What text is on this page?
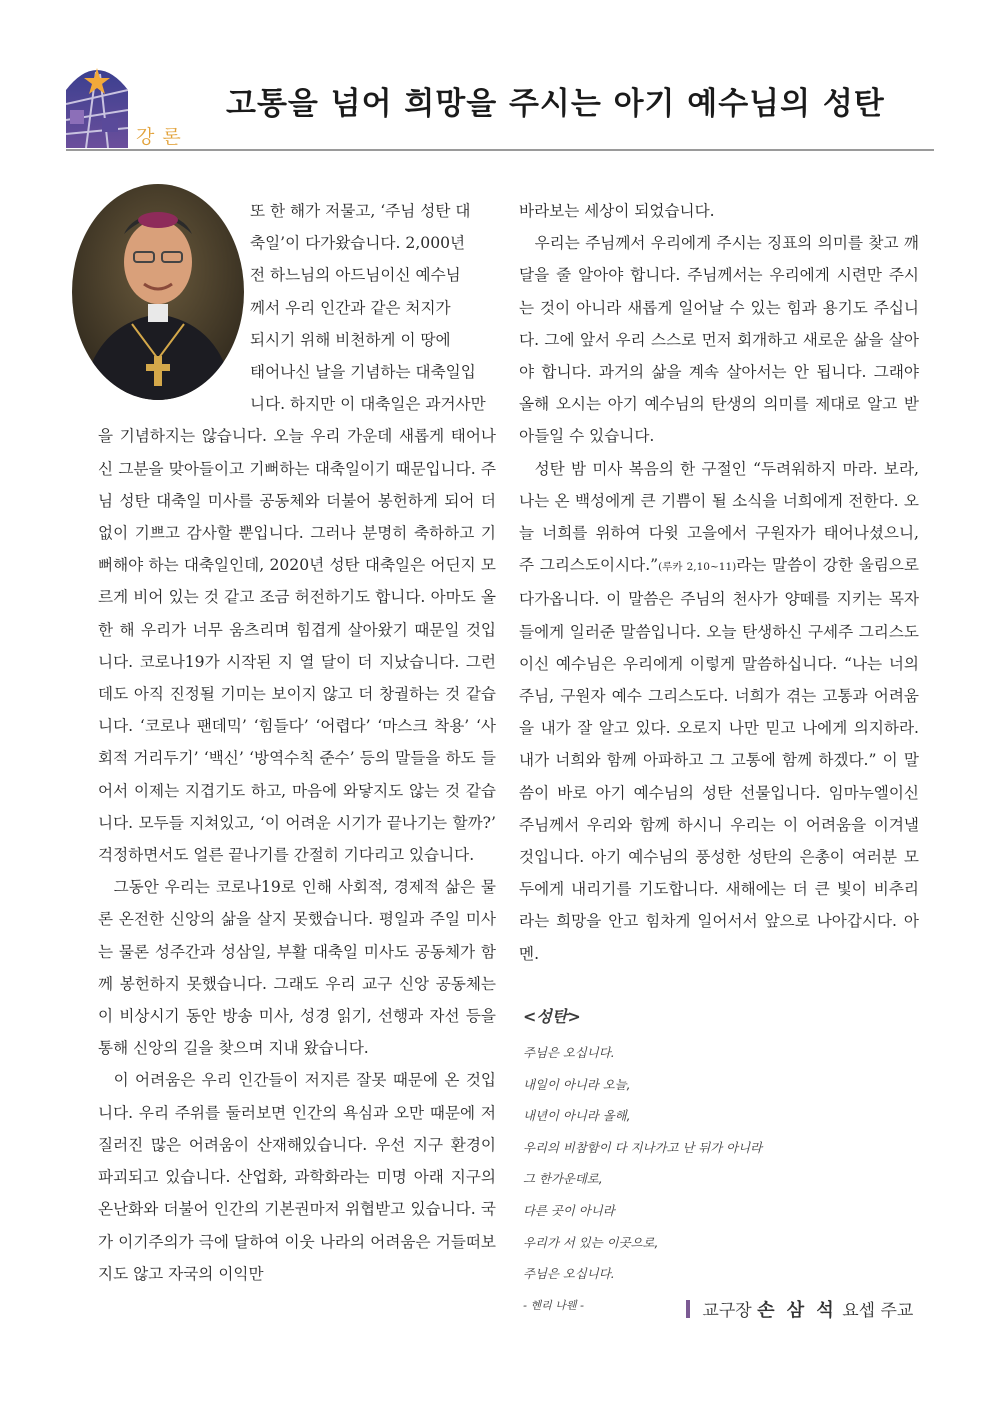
강론
고통을 넘어 희망을 주시는 아기 예수님의 성탄

또 한 해가 저물고, ‘주님 성탄 대

축일’이 다가왔습니다. 2,000년

전 하느님의 아드님이신 예수님

께서 우리 인간과 같은 처지가

되시기 위해 비천하게 이 땅에

태어나신 날을 기념하는 대축일입

니다. 하지만 이 대축일은 과거사만

을 기념하지는 않습니다. 오늘 우리 가운데 새롭게 태어나신 그분을 맞아들이고 기뻐하는 대축일이기 때문입니다. 주님 성탄 대축일 미사를 공동체와 더불어 봉헌하게 되어 더없이 기쁘고 감사할 뿐입니다. 그러나 분명히 축하하고 기뻐해야 하는 대축일인데, 2020년 성탄 대축일은 어딘지 모르게 비어 있는 것 같고 조금 허전하기도 합니다. 아마도 올 한 해 우리가 너무 움츠리며 힘겹게 살아왔기 때문일 것입니다. 코로나19가 시작된 지 열 달이 더 지났습니다. 그런데도 아직 진정될 기미는 보이지 않고 더 창궐하는 것 같습니다. ‘코로나 팬데믹’ ‘힘들다’ ‘어렵다’ ‘마스크 착용’ ‘사회적 거리두기’ ‘백신’ ‘방역수칙 준수’ 등의 말들을 하도 들어서 이제는 지겹기도 하고, 마음에 와닿지도 않는 것 같습니다. 모두들 지쳐있고, ‘이 어려운 시기가 끝나기는 할까?’ 걱정하면서도 얼른 끝나기를 간절히 기다리고 있습니다.

그동안 우리는 코로나19로 인해 사회적, 경제적 삶은 물론 온전한 신앙의 삶을 살지 못했습니다. 평일과 주일 미사는 물론 성주간과 성삼일, 부활 대축일 미사도 공동체가 함께 봉헌하지 못했습니다. 그래도 우리 교구 신앙 공동체는 이 비상시기 동안 방송 미사, 성경 읽기, 선행과 자선 등을 통해 신앙의 길을 찾으며 지내 왔습니다.

이 어려움은 우리 인간들이 저지른 잘못 때문에 온 것입니다. 우리 주위를 둘러보면 인간의 욕심과 오만 때문에 저질러진 많은 어려움이 산재해있습니다. 우선 지구 환경이 파괴되고 있습니다. 산업화, 과학화라는 미명 아래 지구의 온난화와 더불어 인간의 기본권마저 위협받고 있습니다. 국가 이기주의가 극에 달하여 이웃 나라의 어려움은 거들떠보지도 않고 자국의 이익만

바라보는 세상이 되었습니다.

우리는 주님께서 우리에게 주시는 징표의 의미를 찾고 깨달을 줄 알아야 합니다. 주님께서는 우리에게 시련만 주시는 것이 아니라 새롭게 일어날 수 있는 힘과 용기도 주십니다. 그에 앞서 우리 스스로 먼저 회개하고 새로운 삶을 살아야 합니다. 과거의 삶을 계속 살아서는 안 됩니다. 그래야 올해 오시는 아기 예수님의 탄생의 의미를 제대로 알고 받아들일 수 있습니다.

성탄 밤 미사 복음의 한 구절인 “두려워하지 마라. 보라, 나는 온 백성에게 큰 기쁨이 될 소식을 너희에게 전한다. 오늘 너희를 위하여 다윗 고을에서 구원자가 태어나셨으니, 주 그리스도이시다.”(루카 2,10~11)라는 말씀이 강한 울림으로 다가옵니다. 이 말씀은 주님의 천사가 양떼를 지키는 목자들에게 일러준 말씀입니다. 오늘 탄생하신 구세주 그리스도이신 예수님은 우리에게 이렇게 말씀하십니다. “나는 너의 주님, 구원자 예수 그리스도다. 너희가 겪는 고통과 어려움을 내가 잘 알고 있다. 오로지 나만 믿고 나에게 의지하라. 내가 너희와 함께 아파하고 그 고통에 함께 하겠다.” 이 말씀이 바로 아기 예수님의 성탄 선물입니다. 임마누엘이신 주님께서 우리와 함께 하시니 우리는 이 어려움을 이겨낼 것입니다. 아기 예수님의 풍성한 성탄의 은총이 여러분 모두에게 내리기를 기도합니다. 새해에는 더 큰 빛이 비추리라는 희망을 안고 힘차게 일어서서 앞으로 나아갑시다. 아멘.

<성탄>
주님은 오십니다.
내일이 아니라 오늘,
내년이 아니라 올해,
우리의 비참함이 다 지나가고 난 뒤가 아니라
그 한가운데로,
다른 곳이 아니라
우리가 서 있는 이곳으로,
주님은 오십니다.
- 헨리 나웬 -	교구장 손 삼 석 요셉 주교
